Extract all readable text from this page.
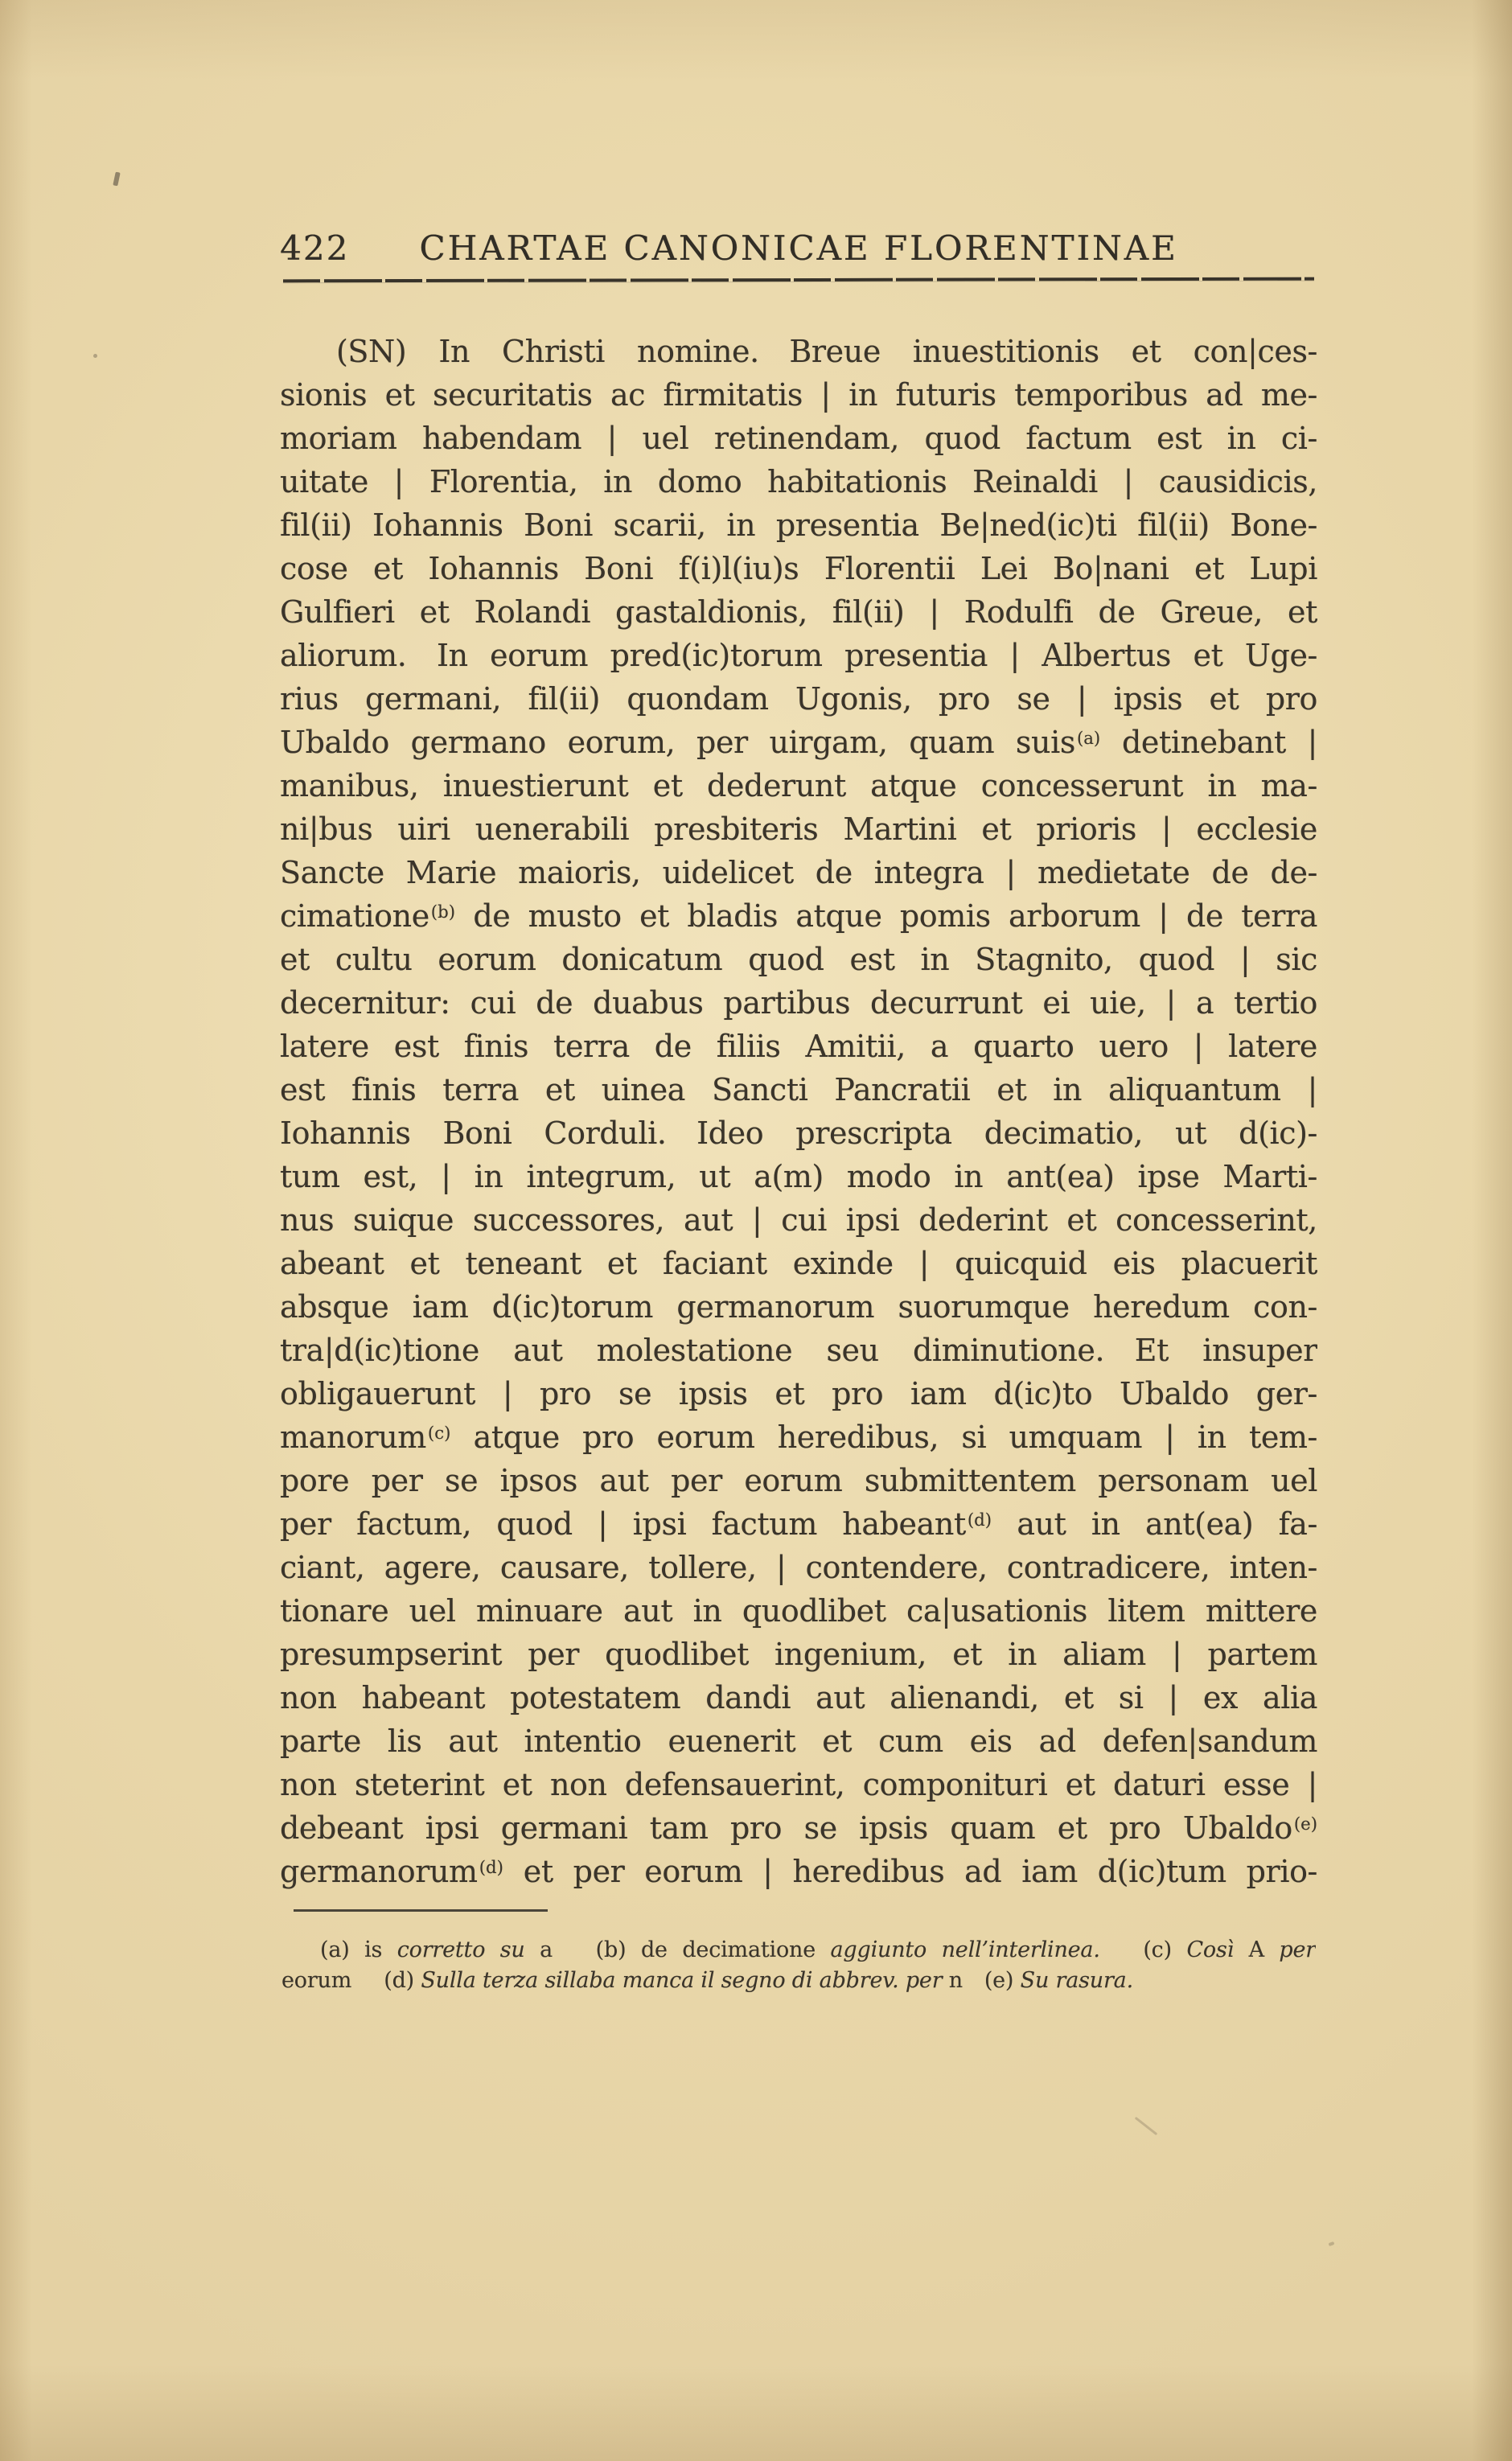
422	CHARTAE CANONICAE FLORENTINAE
(SN) In Christi nomine. Breue inuestitionis et con|ces-
sionis et securitatis ac firmitatis | in futuris temporibus ad me-
moriam habendam | uel retinendam, quod factum est in ci-
uitate | Florentia, in domo habitationis Reinaldi | causidicis,
fil(ii) Iohannis Boni scarii, in presentia Be|ned(ic)ti fil(ii) Bone-
cose et Iohannis Boni f(i)l(iu)s Florentii Lei Bo|nani et Lupi
Gulfieri et Rolandi gastaldionis, fil(ii) | Rodulfi de Greue, et
aliorum. In eorum pred(ic)torum presentia | Albertus et Uge-
rius germani, fil(ii) quondam Ugonis, pro se | ipsis et pro
Ubaldo germano eorum, per uirgam, quam suis$^{(a)}$ detinebant |
manibus, inuestierunt et dederunt atque concesserunt in ma-
ni|bus uiri uenerabili presbiteris Martini et prioris | ecclesie
Sancte Marie maioris, uidelicet de integra | medietate de de-
cimatione$^{(b)}$ de musto et bladis atque pomis arborum | de terra
et cultu eorum donicatum quod est in Stagnito, quod | sic
decernitur: cui de duabus partibus decurrunt ei uie, | a tertio
latere est finis terra de filiis Amitii, a quarto uero | latere
est finis terra et uinea Sancti Pancratii et in aliquantum |
Iohannis Boni Corduli. Ideo prescripta decimatio, ut d(ic)-
tum est, | in integrum, ut a(m) modo in ant(ea) ipse Marti-
nus suique successores, aut | cui ipsi dederint et concesserint,
abeant et teneant et faciant exinde | quicquid eis placuerit
absque iam d(ic)torum germanorum suorumque heredum con-
tra|d(ic)tione aut molestatione seu diminutione. Et insuper
obligauerunt | pro se ipsis et pro iam d(ic)to Ubaldo ger-
manorum$^{(c)}$ atque pro eorum heredibus, si umquam | in tem-
pore per se ipsos aut per eorum submittentem personam uel
per factum, quod | ipsi factum habeant$^{(d)}$ aut in ant(ea) fa-
ciant, agere, causare, tollere, | contendere, contradicere, inten-
tionare uel minuare aut in quodlibet ca|usationis litem mittere
presumpserint per quodlibet ingenium, et in aliam | partem
non habeant potestatem dandi aut alienandi, et si | ex alia
parte lis aut intentio euenerit et cum eis ad defen|sandum
non steterint et non defensauerint, componituri et daturi esse |
debeant ipsi germani tam pro se ipsis quam et pro Ubaldo$^{(e)}$
germanorum$^{(d)}$ et per eorum | heredibus ad iam d(ic)tum prio-
(a) is corretto su a   (b) de decimatione aggiunto nell’interlinea.   (c) Così A per
eorum   (d) Sulla terza sillaba manca il segno di abbrev. per n  (e) Su rasura.
